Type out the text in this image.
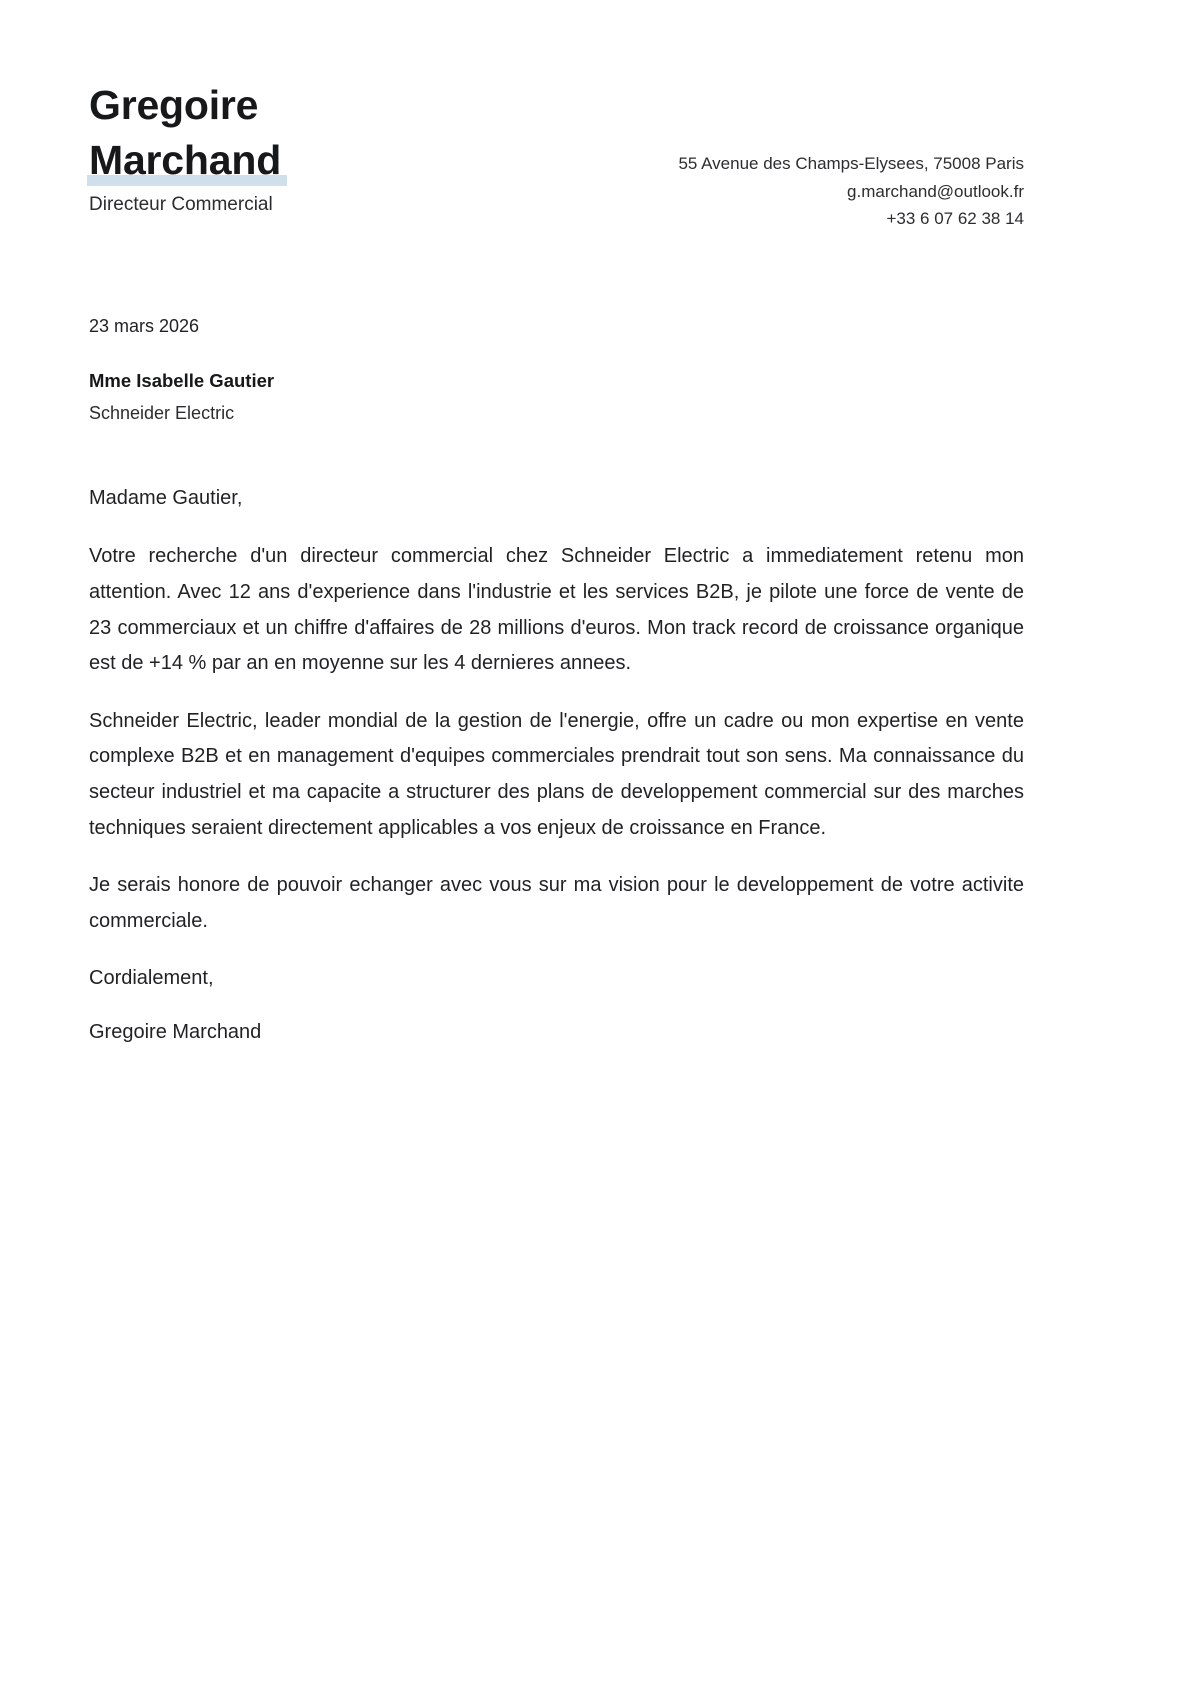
Gregoire
Marchand

Directeur Commercial

55 Avenue des Champs-Elysees, 75008 Paris
g.marchand@outlook.fr
+33 6 07 62 38 14

23 mars 2026

Mme Isabelle Gautier

Schneider Electric

Madame Gautier,

Votre recherche d'un directeur commercial chez Schneider Electric a immediatement retenu mon attention. Avec 12 ans d'experience dans l'industrie et les services B2B, je pilote une force de vente de 23 commerciaux et un chiffre d'affaires de 28 millions d'euros. Mon track record de croissance organique est de +14 % par an en moyenne sur les 4 dernieres annees.

Schneider Electric, leader mondial de la gestion de l'energie, offre un cadre ou mon expertise en vente complexe B2B et en management d'equipes commerciales prendrait tout son sens. Ma connaissance du secteur industriel et ma capacite a structurer des plans de developpement commercial sur des marches techniques seraient directement applicables a vos enjeux de croissance en France.

Je serais honore de pouvoir echanger avec vous sur ma vision pour le developpement de votre activite commerciale.

Cordialement,

Gregoire Marchand
